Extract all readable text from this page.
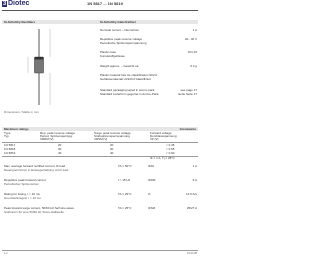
3 Diotec	1N 5817 ... 1N 5819
Si-Schottky-Rectifiers	Si-Schottky-Gleichrichter
Dimensions / Maße in mm
Nominal current – Nennstrom	1 A
Repetitive peak reverse voltage	20...40 V
Periodische Spitzensperrspannung
Plastic case	DO-15
Kunststoffgehäuse
Weight approx. – Gewicht ca.	0.4 g
Plastic material has UL classification 94V-0
Gehäusematerial UL94V-0 klassifiziert
Standard packaging taped in ammo pack	see page 17
Standard Lieferform gegurtet in Ammo-Pack	siehe Seite 17
Maximum ratings	Grenzwerte
Type	Rep. peak reverse voltage	Surge peak reverse voltage	Forward voltage
Typ	Period. Spitzensperrspg.	Stoßspitzensperrspannung	Durchlassspannung
VRRM [V]	VRSM [V]	VF [V]
1N 5817	20	20	< 0.45
1N 5818	30	30	< 0.55
1N 5819	40	40	< 0.60
IF = 1 A, Tj = 25°C
Max. average forward rectified current, R-load
Dauergrenzstrom in Einwegschaltung mit R-Last
TA = 50°C	IFAV	1 A
Repetitive peak forward current
Periodischer Spitzenstrom
f > 15 Hz	IFRM	6 A
Rating for fusing, t < 10 ms
Grenzlastintegral, t < 10 ms
TA = 25°C	i²t	12.5 A²s
Peak forward surge current, 50/60 Hz half sine-wave
Stoßstrom für eine 50/60 Hz Sinus-Halbwelle
TA = 25°C	IFSM	25/27 A
1.2	01.03.98
